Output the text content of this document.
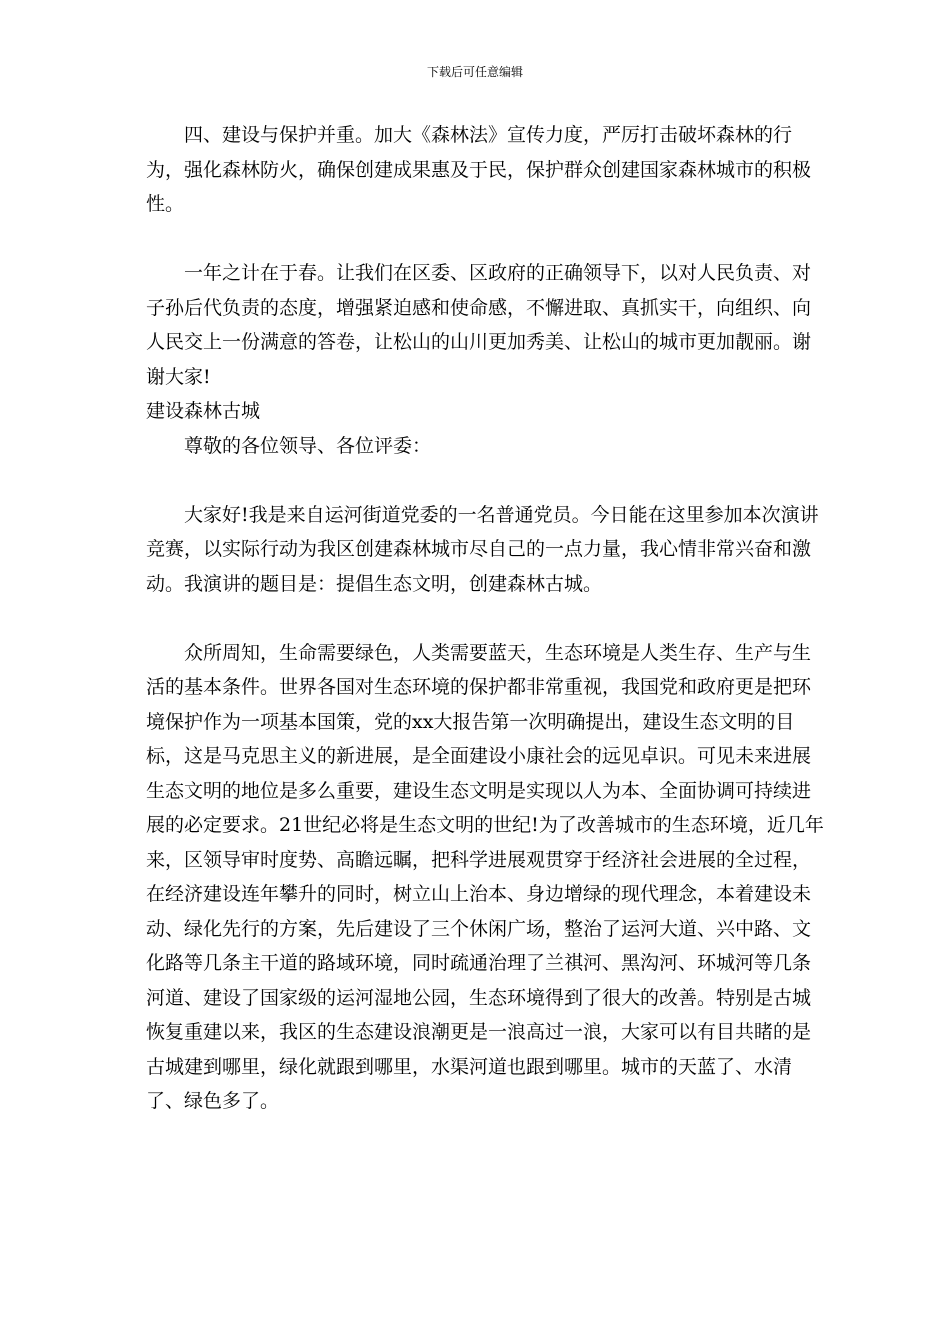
下载后可任意编辑

四、建设与保护并重。加大《森林法》宣传力度，严厉打击破坏森林的行为，强化森林防火，确保创建成果惠及于民，保护群众创建国家森林城市的积极性。

一年之计在于春。让我们在区委、区政府的正确领导下，以对人民负责、对子孙后代负责的态度，增强紧迫感和使命感，不懈进取、真抓实干，向组织、向人民交上一份满意的答卷，让松山的山川更加秀美、让松山的城市更加靓丽。谢谢大家!

建设森林古城

尊敬的各位领导、各位评委：

大家好!我是来自运河街道党委的一名普通党员。今日能在这里参加本次演讲竞赛，以实际行动为我区创建森林城市尽自己的一点力量，我心情非常兴奋和激动。我演讲的题目是：提倡生态文明，创建森林古城。

众所周知，生命需要绿色，人类需要蓝天，生态环境是人类生存、生产与生活的基本条件。世界各国对生态环境的保护都非常重视，我国党和政府更是把环境保护作为一项基本国策，党的xx大报告第一次明确提出，建设生态文明的目标，这是马克思主义的新进展，是全面建设小康社会的远见卓识。可见未来进展生态文明的地位是多么重要，建设生态文明是实现以人为本、全面协调可持续进展的必定要求。21世纪必将是生态文明的世纪!为了改善城市的生态环境，近几年来，区领导审时度势、高瞻远瞩，把科学进展观贯穿于经济社会进展的全过程，在经济建设连年攀升的同时，树立山上治本、身边增绿的现代理念，本着建设未动、绿化先行的方案，先后建设了三个休闲广场，整治了运河大道、兴中路、文化路等几条主干道的路域环境，同时疏通治理了兰祺河、黑沟河、环城河等几条河道、建设了国家级的运河湿地公园，生态环境得到了很大的改善。特别是古城恢复重建以来，我区的生态建设浪潮更是一浪高过一浪，大家可以有目共睹的是古城建到哪里，绿化就跟到哪里，水渠河道也跟到哪里。城市的天蓝了、水清了、绿色多了。
